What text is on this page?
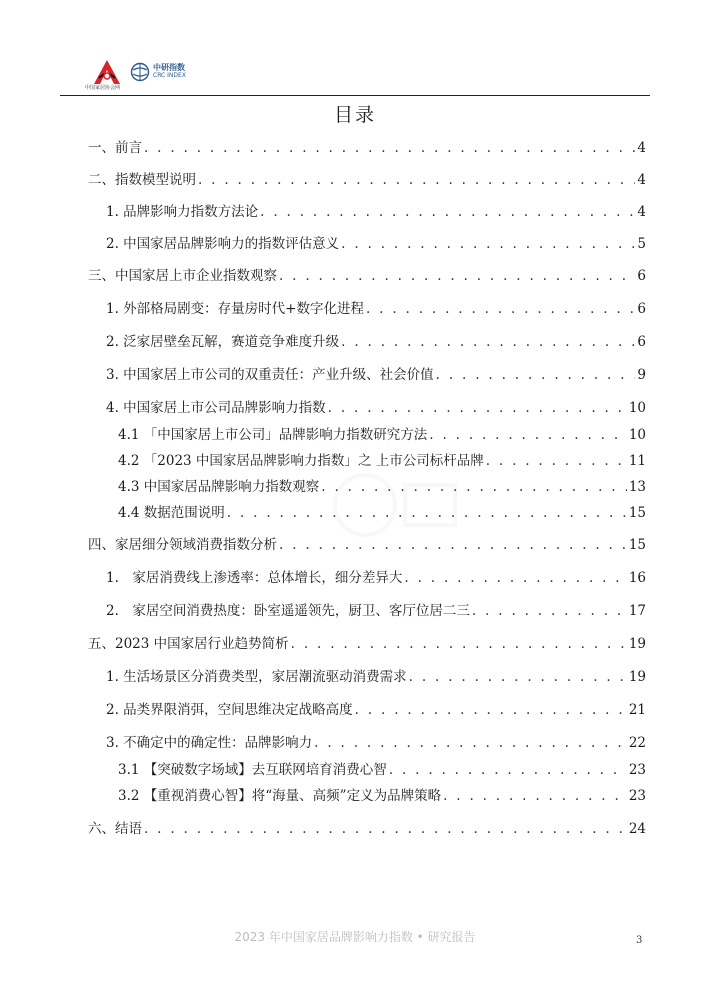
中国家居协会网
中研指数
CRC INDEX
目录
一、前言 . . .	4
二、指数模型说明 . . .	4
1. 品牌影响力指数方法论 . . .	4
2. 中国家居品牌影响力的指数评估意义 . . .	5
三、中国家居上市企业指数观察 . . .	6
1. 外部格局剧变：存量房时代+数字化进程 . . .	6
2. 泛家居壁垒瓦解，赛道竞争难度升级 . . .	6
3. 中国家居上市公司的双重责任：产业升级、社会价值 . . .	9
4. 中国家居上市公司品牌影响力指数 . . .	10
4.1 「中国家居上市公司」品牌影响力指数研究方法 . . .	10
4.2 「2023 中国家居品牌影响力指数」之 上市公司标杆品牌 . . .	11
4.3 中国家居品牌影响力指数观察 . . .	13
4.4 数据范围说明 . . .	15
四、家居细分领域消费指数分析 . . .	15
1.　家居消费线上渗透率：总体增长，细分差异大 . . .	16
2.　家居空间消费热度：卧室遥遥领先，厨卫、客厅位居二三 . . .	17
五、2023 中国家居行业趋势简析 . . .	19
1. 生活场景区分消费类型，家居潮流驱动消费需求 . . .	19
2. 品类界限消弭，空间思维决定战略高度 . . .	21
3. 不确定中的确定性：品牌影响力 . . .	22
3.1 【突破数字场域】去互联网培育消费心智 . . .	23
3.2 【重视消费心智】将“海量、高频”定义为品牌策略 . . .	23
六、结语 . . .	24
2023 年中国家居品牌影响力指数 • 研究报告	3
